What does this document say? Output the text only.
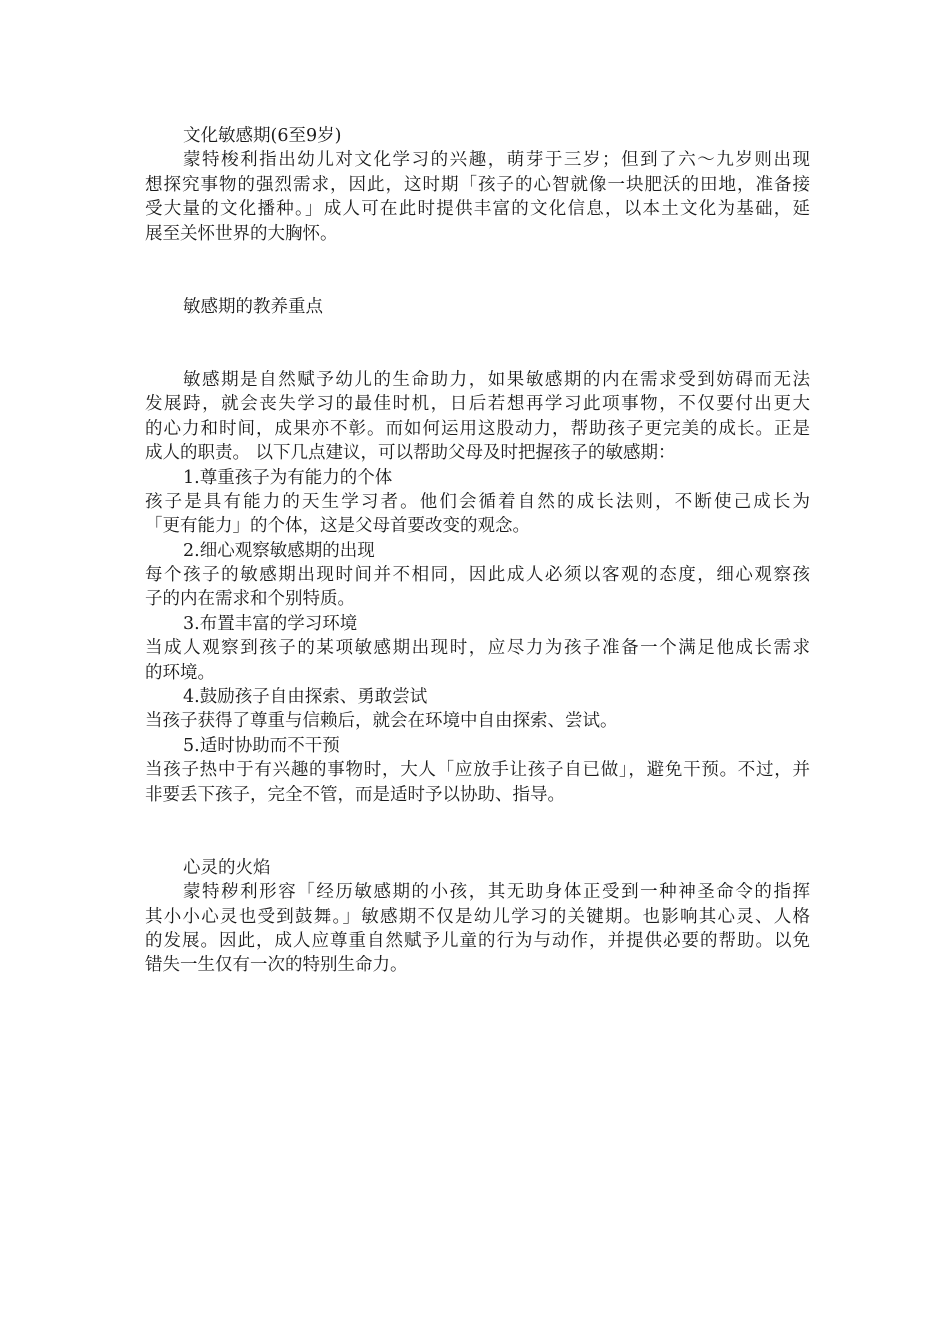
文化敏感期(6至9岁)
蒙特梭利指出幼儿对文化学习的兴趣，萌芽于三岁；但到了六～九岁则出现
想探究事物的强烈需求，因此，这时期「孩子的心智就像一块肥沃的田地，准备接
受大量的文化播种。」成人可在此时提供丰富的文化信息，以本土文化为基础，延
展至关怀世界的大胸怀。
敏感期的教养重点
敏感期是自然赋予幼儿的生命助力，如果敏感期的内在需求受到妨碍而无法
发展跱，就会丧失学习的最佳时机，日后若想再学习此项事物，不仅要付出更大
的心力和时间，成果亦不彰。而如何运用这股动力，帮助孩子更完美的成长。正是
成人的职责。 以下几点建议，可以帮助父母及时把握孩子的敏感期：
1.尊重孩子为有能力的个体
孩子是具有能力的天生学习者。他们会循着自然的成长法则，不断使己成长为
「更有能力」的个体，这是父母首要改变的观念。
2.细心观察敏感期的出现
每个孩子的敏感期出现时间并不相同，因此成人必须以客观的态度，细心观察孩
子的内在需求和个别特质。
3.布置丰富的学习环境
当成人观察到孩子的某项敏感期出现时，应尽力为孩子准备一个满足他成长需求
的环境。
4.鼓励孩子自由探索、勇敢尝试
当孩子获得了尊重与信赖后，就会在环境中自由探索、尝试。
5.适时协助而不干预
当孩子热中于有兴趣的事物时，大人「应放手让孩子自已做」，避免干预。不过，并
非要丢下孩子，完全不管，而是适时予以协助、指导。
心灵的火焰
蒙特秽利形容「经历敏感期的小孩，其无助身体正受到一种神圣命令的指挥
其小小心灵也受到鼓舞。」敏感期不仅是幼儿学习的关键期。也影响其心灵、人格
的发展。因此，成人应尊重自然赋予儿童的行为与动作，并提供必要的帮助。以免
错失一生仅有一次的特别生命力。
